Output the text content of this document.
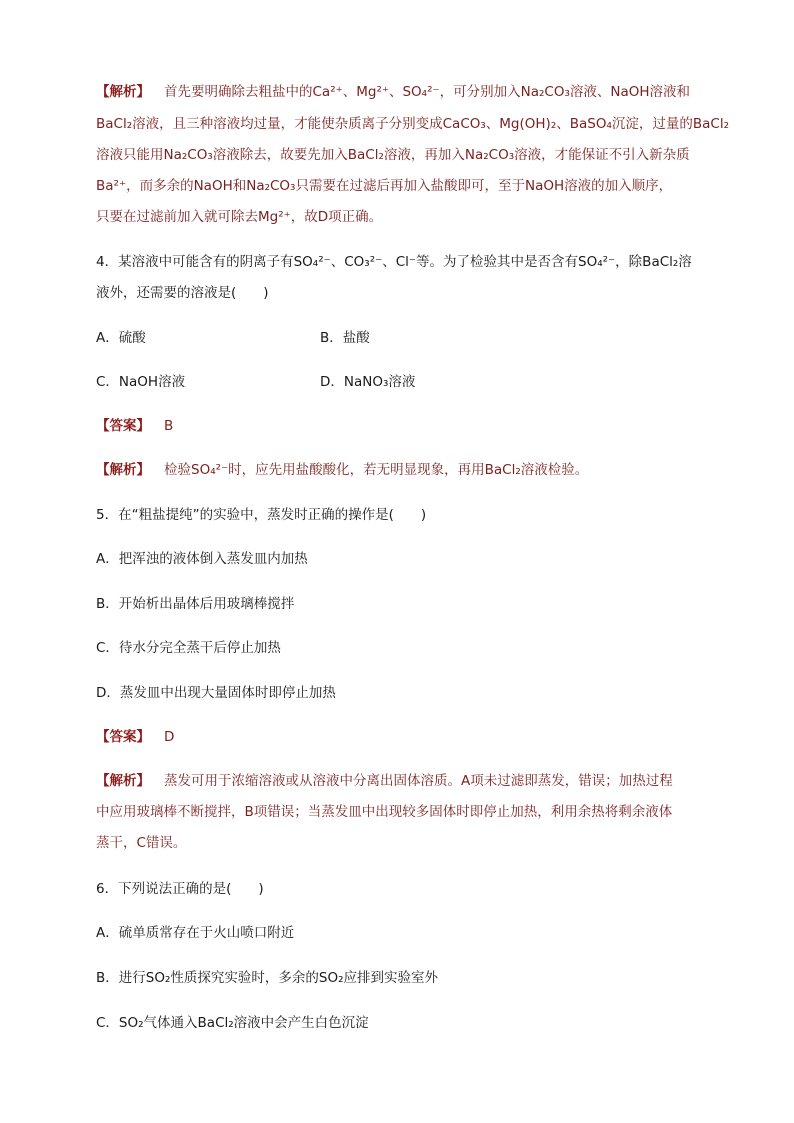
【解析】 首先要明确除去粗盐中的Ca²⁺、Mg²⁺、SO₄²⁻，可分别加入Na₂CO₃溶液、NaOH溶液和
BaCl₂溶液，且三种溶液均过量，才能使杂质离子分别变成CaCO₃、Mg(OH)₂、BaSO₄沉淀，过量的BaCl₂
溶液只能用Na₂CO₃溶液除去，故要先加入BaCl₂溶液，再加入Na₂CO₃溶液，才能保证不引入新杂质
Ba²⁺，而多余的NaOH和Na₂CO₃只需要在过滤后再加入盐酸即可，至于NaOH溶液的加入顺序，
只要在过滤前加入就可除去Mg²⁺，故D项正确。
4．某溶液中可能含有的阴离子有SO₄²⁻、CO₃²⁻、Cl⁻等。为了检验其中是否含有SO₄²⁻，除BaCl₂溶
液外，还需要的溶液是(　　)
A．硫酸	B．盐酸
C．NaOH溶液	D．NaNO₃溶液
【答案】 B
【解析】 检验SO₄²⁻时，应先用盐酸酸化，若无明显现象，再用BaCl₂溶液检验。
5．在“粗盐提纯”的实验中，蒸发时正确的操作是(　　)
A．把浑浊的液体倒入蒸发皿内加热
B．开始析出晶体后用玻璃棒搅拌
C．待水分完全蒸干后停止加热
D．蒸发皿中出现大量固体时即停止加热
【答案】 D
【解析】 蒸发可用于浓缩溶液或从溶液中分离出固体溶质。A项未过滤即蒸发，错误；加热过程
中应用玻璃棒不断搅拌，B项错误；当蒸发皿中出现较多固体时即停止加热，利用余热将剩余液体
蒸干，C错误。
6．下列说法正确的是(　　)
A．硫单质常存在于火山喷口附近
B．进行SO₂性质探究实验时，多余的SO₂应排到实验室外
C．SO₂气体通入BaCl₂溶液中会产生白色沉淀
